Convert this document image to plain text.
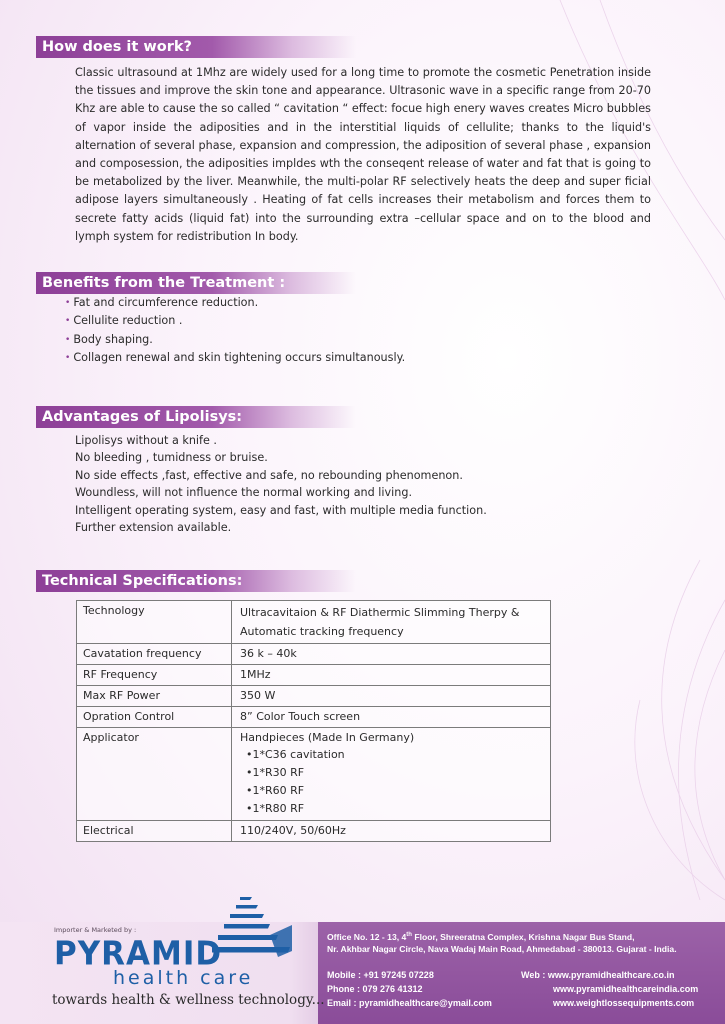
How does it work?

Classic ultrasound at 1Mhz are widely used for a long time to promote the cosmetic Penetration inside the tissues and improve the skin tone and appearance. Ultrasonic wave in a specific range from 20-70 Khz are able to cause the so called “ cavitation “ effect: focue high enery waves creates Micro bubbles of vapor inside the adiposities and in the interstitial liquids of cellulite; thanks to the liquid's alternation of several phase, expansion and compression, the adiposition of several phase , expansion and composession, the adiposities impldes wth the conseqent release of water and fat that is going to be metabolized by the liver. Meanwhile, the multi-polar RF selectively heats the deep and super ficial adipose layers simultaneously . Heating of fat cells increases their metabolism and forces them to secrete fatty acids (liquid fat) into the surrounding extra –cellular space and on to the blood and lymph system for redistribution In body.

Benefits from the Treatment :
• Fat and circumference reduction.
• Cellulite reduction .
• Body shaping.
• Collagen renewal and skin tightening occurs simultanously.
Advantages of Lipolisys:
Lipolisys without a knife .
No bleeding , tumidness or bruise.
No side effects ,fast, effective and safe, no rebounding phenomenon.
Woundless, will not influence the normal working and living.
Intelligent operating system, easy and fast, with multiple media function.
Further extension available.
Technical Specifications:
Technology	Ultracavitaion & RF Diathermic Slimming Therpy &
Automatic tracking frequency
Cavatation frequency	36 k – 40k
RF Frequency	1MHz
Max RF Power	350 W
Opration Control	8” Color Touch screen
Applicator	Handpieces (Made In Germany)
•1*C36 cavitation
•1*R30 RF
•1*R60 RF
•1*R80 RF

Electrical	110/240V, 50/60Hz
Importer & Marketed by :
PYRAMID
health care
towards health & wellness technology...
Office No. 12 - 13, 4th Floor, Shreeratna Complex, Krishna Nagar Bus Stand,
Nr. Akhbar Nagar Circle, Nava Wadaj Main Road, Ahmedabad - 380013. Gujarat - India.
Mobile : +91 97245 07228
Phone : 079 276 41312
Email : pyramidhealthcare@ymail.com
Web : www.pyramidhealthcare.co.in
www.pyramidhealthcareindia.com
www.weightlossequipments.com
